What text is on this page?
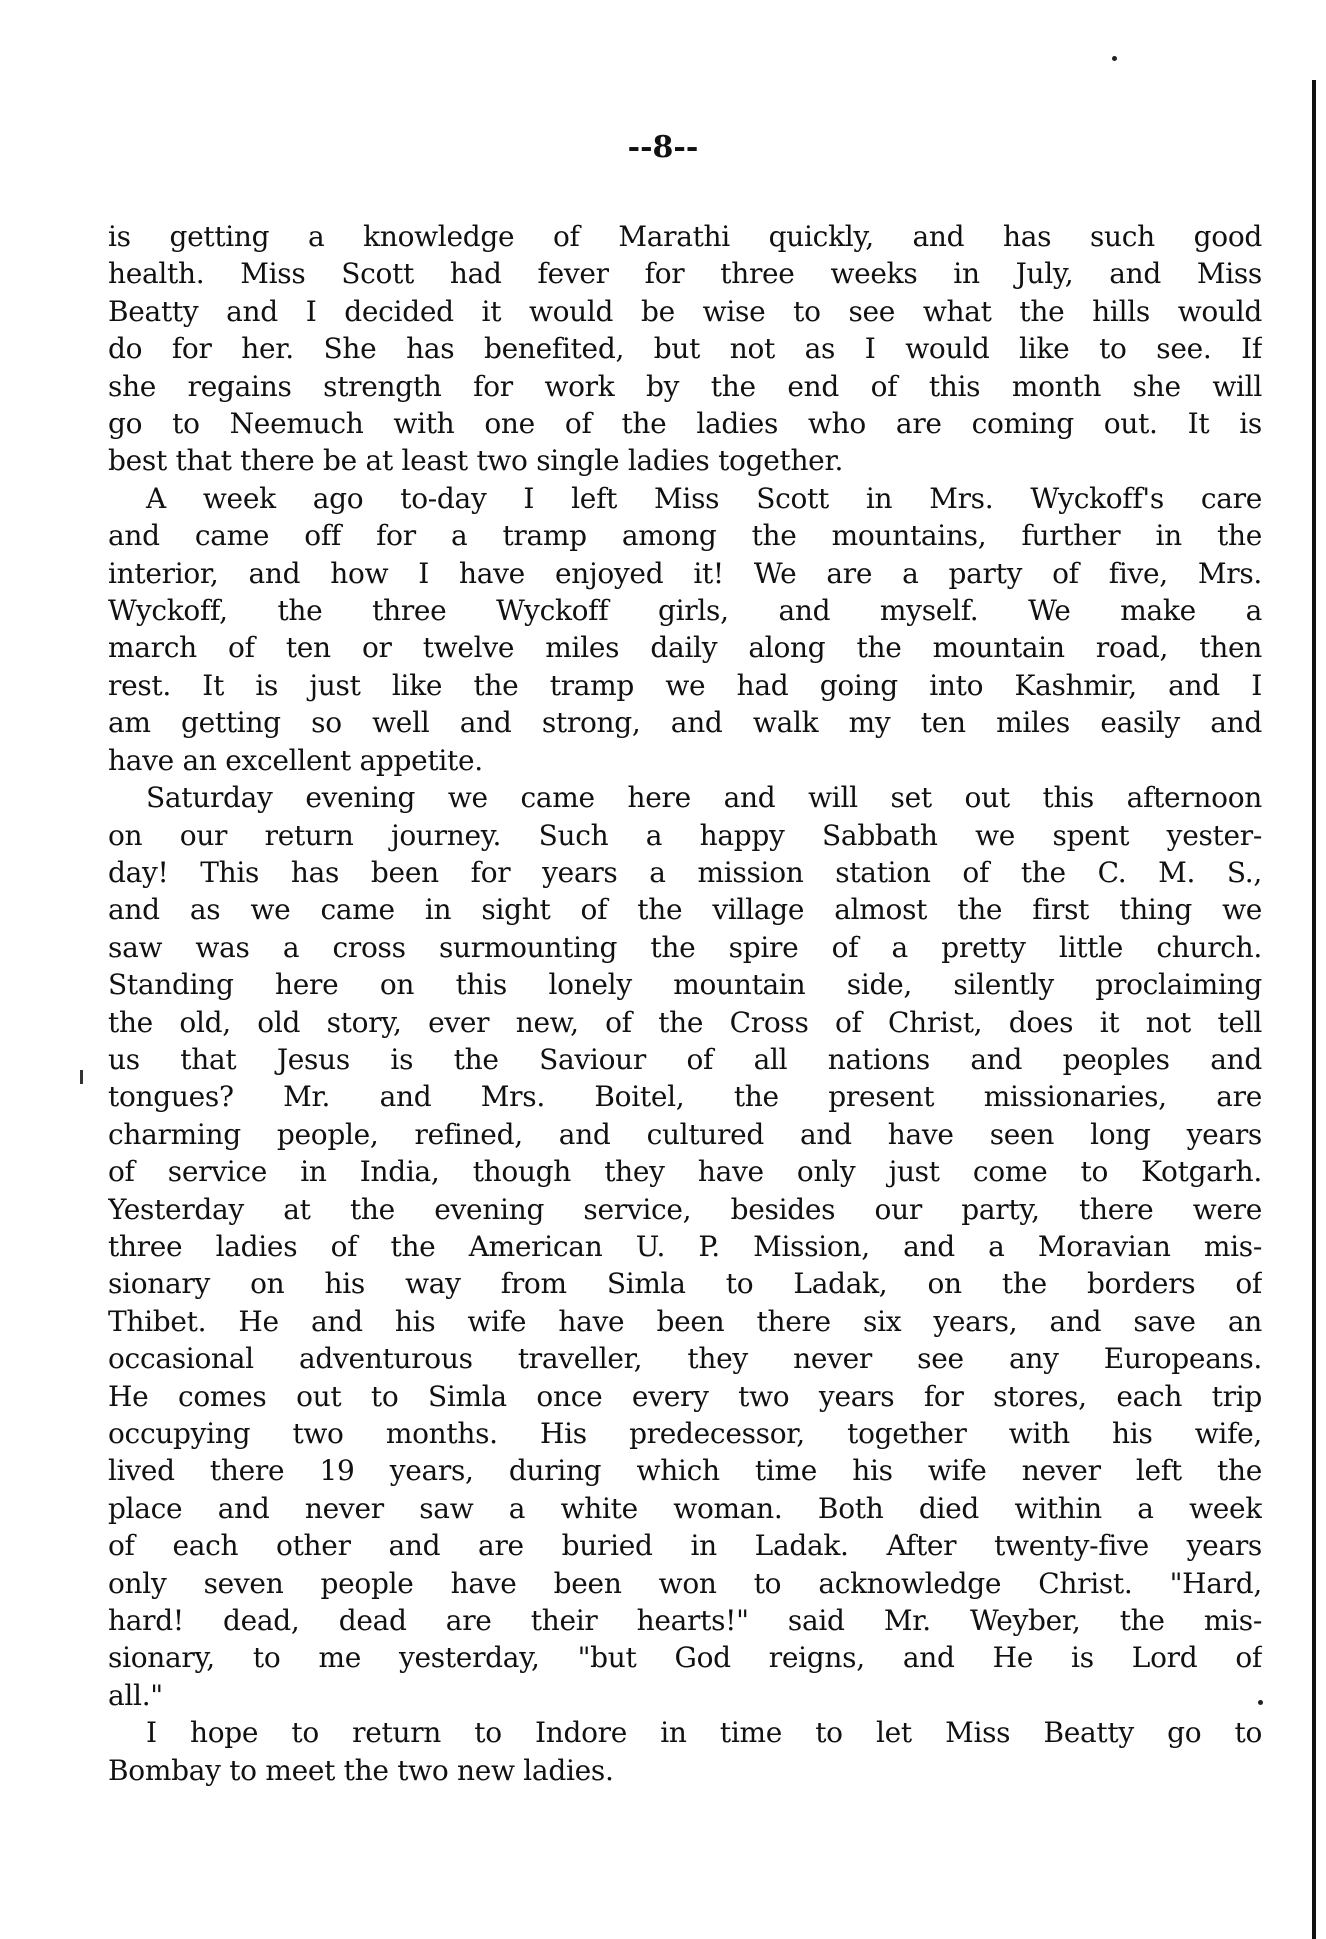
--8--
is getting a knowledge of Marathi quickly, and has such good
health. Miss Scott had fever for three weeks in July, and Miss
Beatty and I decided it would be wise to see what the hills would
do for her. She has benefited, but not as I would like to see. If
she regains strength for work by the end of this month she will
go to Neemuch with one of the ladies who are coming out. It is
best that there be at least two single ladies together.
A week ago to-day I left Miss Scott in Mrs. Wyckoff's care
and came off for a tramp among the mountains, further in the
interior, and how I have enjoyed it! We are a party of five, Mrs.
Wyckoff, the three Wyckoff girls, and myself. We make a
march of ten or twelve miles daily along the mountain road, then
rest. It is just like the tramp we had going into Kashmir, and I
am getting so well and strong, and walk my ten miles easily and
have an excellent appetite.
Saturday evening we came here and will set out this afternoon
on our return journey. Such a happy Sabbath we spent yester-
day! This has been for years a mission station of the C. M. S.,
and as we came in sight of the village almost the first thing we
saw was a cross surmounting the spire of a pretty little church.
Standing here on this lonely mountain side, silently proclaiming
the old, old story, ever new, of the Cross of Christ, does it not tell
us that Jesus is the Saviour of all nations and peoples and
tongues? Mr. and Mrs. Boitel, the present missionaries, are
charming people, refined, and cultured and have seen long years
of service in India, though they have only just come to Kotgarh.
Yesterday at the evening service, besides our party, there were
three ladies of the American U. P. Mission, and a Moravian mis-
sionary on his way from Simla to Ladak, on the borders of
Thibet. He and his wife have been there six years, and save an
occasional adventurous traveller, they never see any Europeans.
He comes out to Simla once every two years for stores, each trip
occupying two months. His predecessor, together with his wife,
lived there 19 years, during which time his wife never left the
place and never saw a white woman. Both died within a week
of each other and are buried in Ladak. After twenty-five years
only seven people have been won to acknowledge Christ. "Hard,
hard! dead, dead are their hearts!" said Mr. Weyber, the mis-
sionary, to me yesterday, "but God reigns, and He is Lord of
all."
I hope to return to Indore in time to let Miss Beatty go to
Bombay to meet the two new ladies.
